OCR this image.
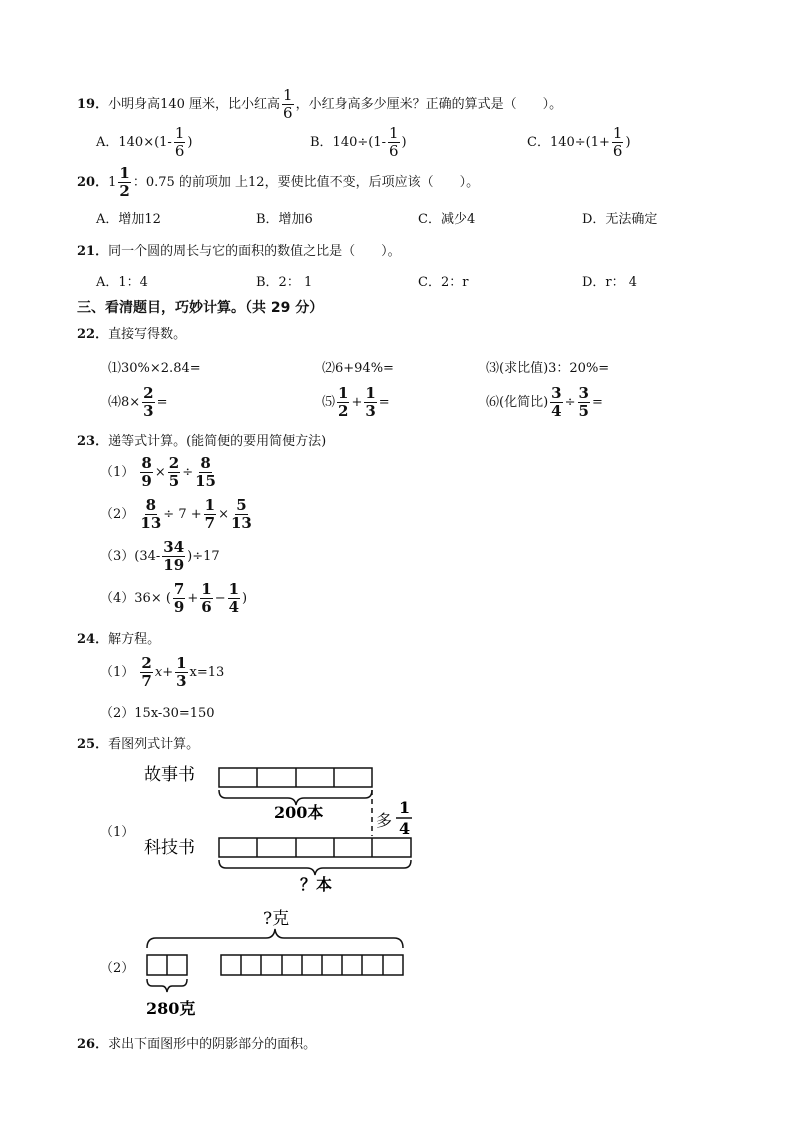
19．小明身高140 厘米，比小红高 $\frac{1}{6}$ ，小红身高多少厘米？正确的算式是（　　）。
A．$140\times(1- \frac{1}{6}$ )	B．$140\div(1- \frac{1}{6}$ )	C．$140\div(1+ \frac{1}{6}$ )
20．$1 \frac{1}{2}$ ：0.75 的前项加 上12，要使比值不变，后项应该（　　）。
A．增加12	B．增加6	C．减少4	D．无法确定
21．同一个圆的周长与它的面积的数值之比是（　　）。
A．1：4	B．2： 1	C．2：r	D．r： 4
三、看清题目，巧妙计算。（共 29 分）
22．直接写得数。
⑴30%×2.84=	⑵6+94%=	⑶(求比值)3：20%=
⑷8× $\frac{2}{3}$ =	⑸ $\frac{1}{2} + \frac{1}{3}$ =	⑹(化简比) $\frac{3}{4} \div \frac{3}{5}$ =
23．递等式计算。(能简便的要用简便方法)
$(1) \frac{8}{9} \times \frac{2}{5} \div \frac{8}{15}$
$(2) \frac{8}{13} \div 7 + \frac{1}{7} \times \frac{5}{13}$
$(3)(34- \frac{34}{19} )\div 17$
（4）36× ( $\frac{7}{9} + \frac{1}{6} - \frac{1}{4}$ )
24．解方程。
$(1) \frac{2}{7} x+ \frac{1}{3} x=13$
（2）15x-30=150
25．看图列式计算。
（1）
（2）
故事书
200本	多
1
4
科技书
？本
?克
280克
26．求出下面图形中的阴影部分的面积。
